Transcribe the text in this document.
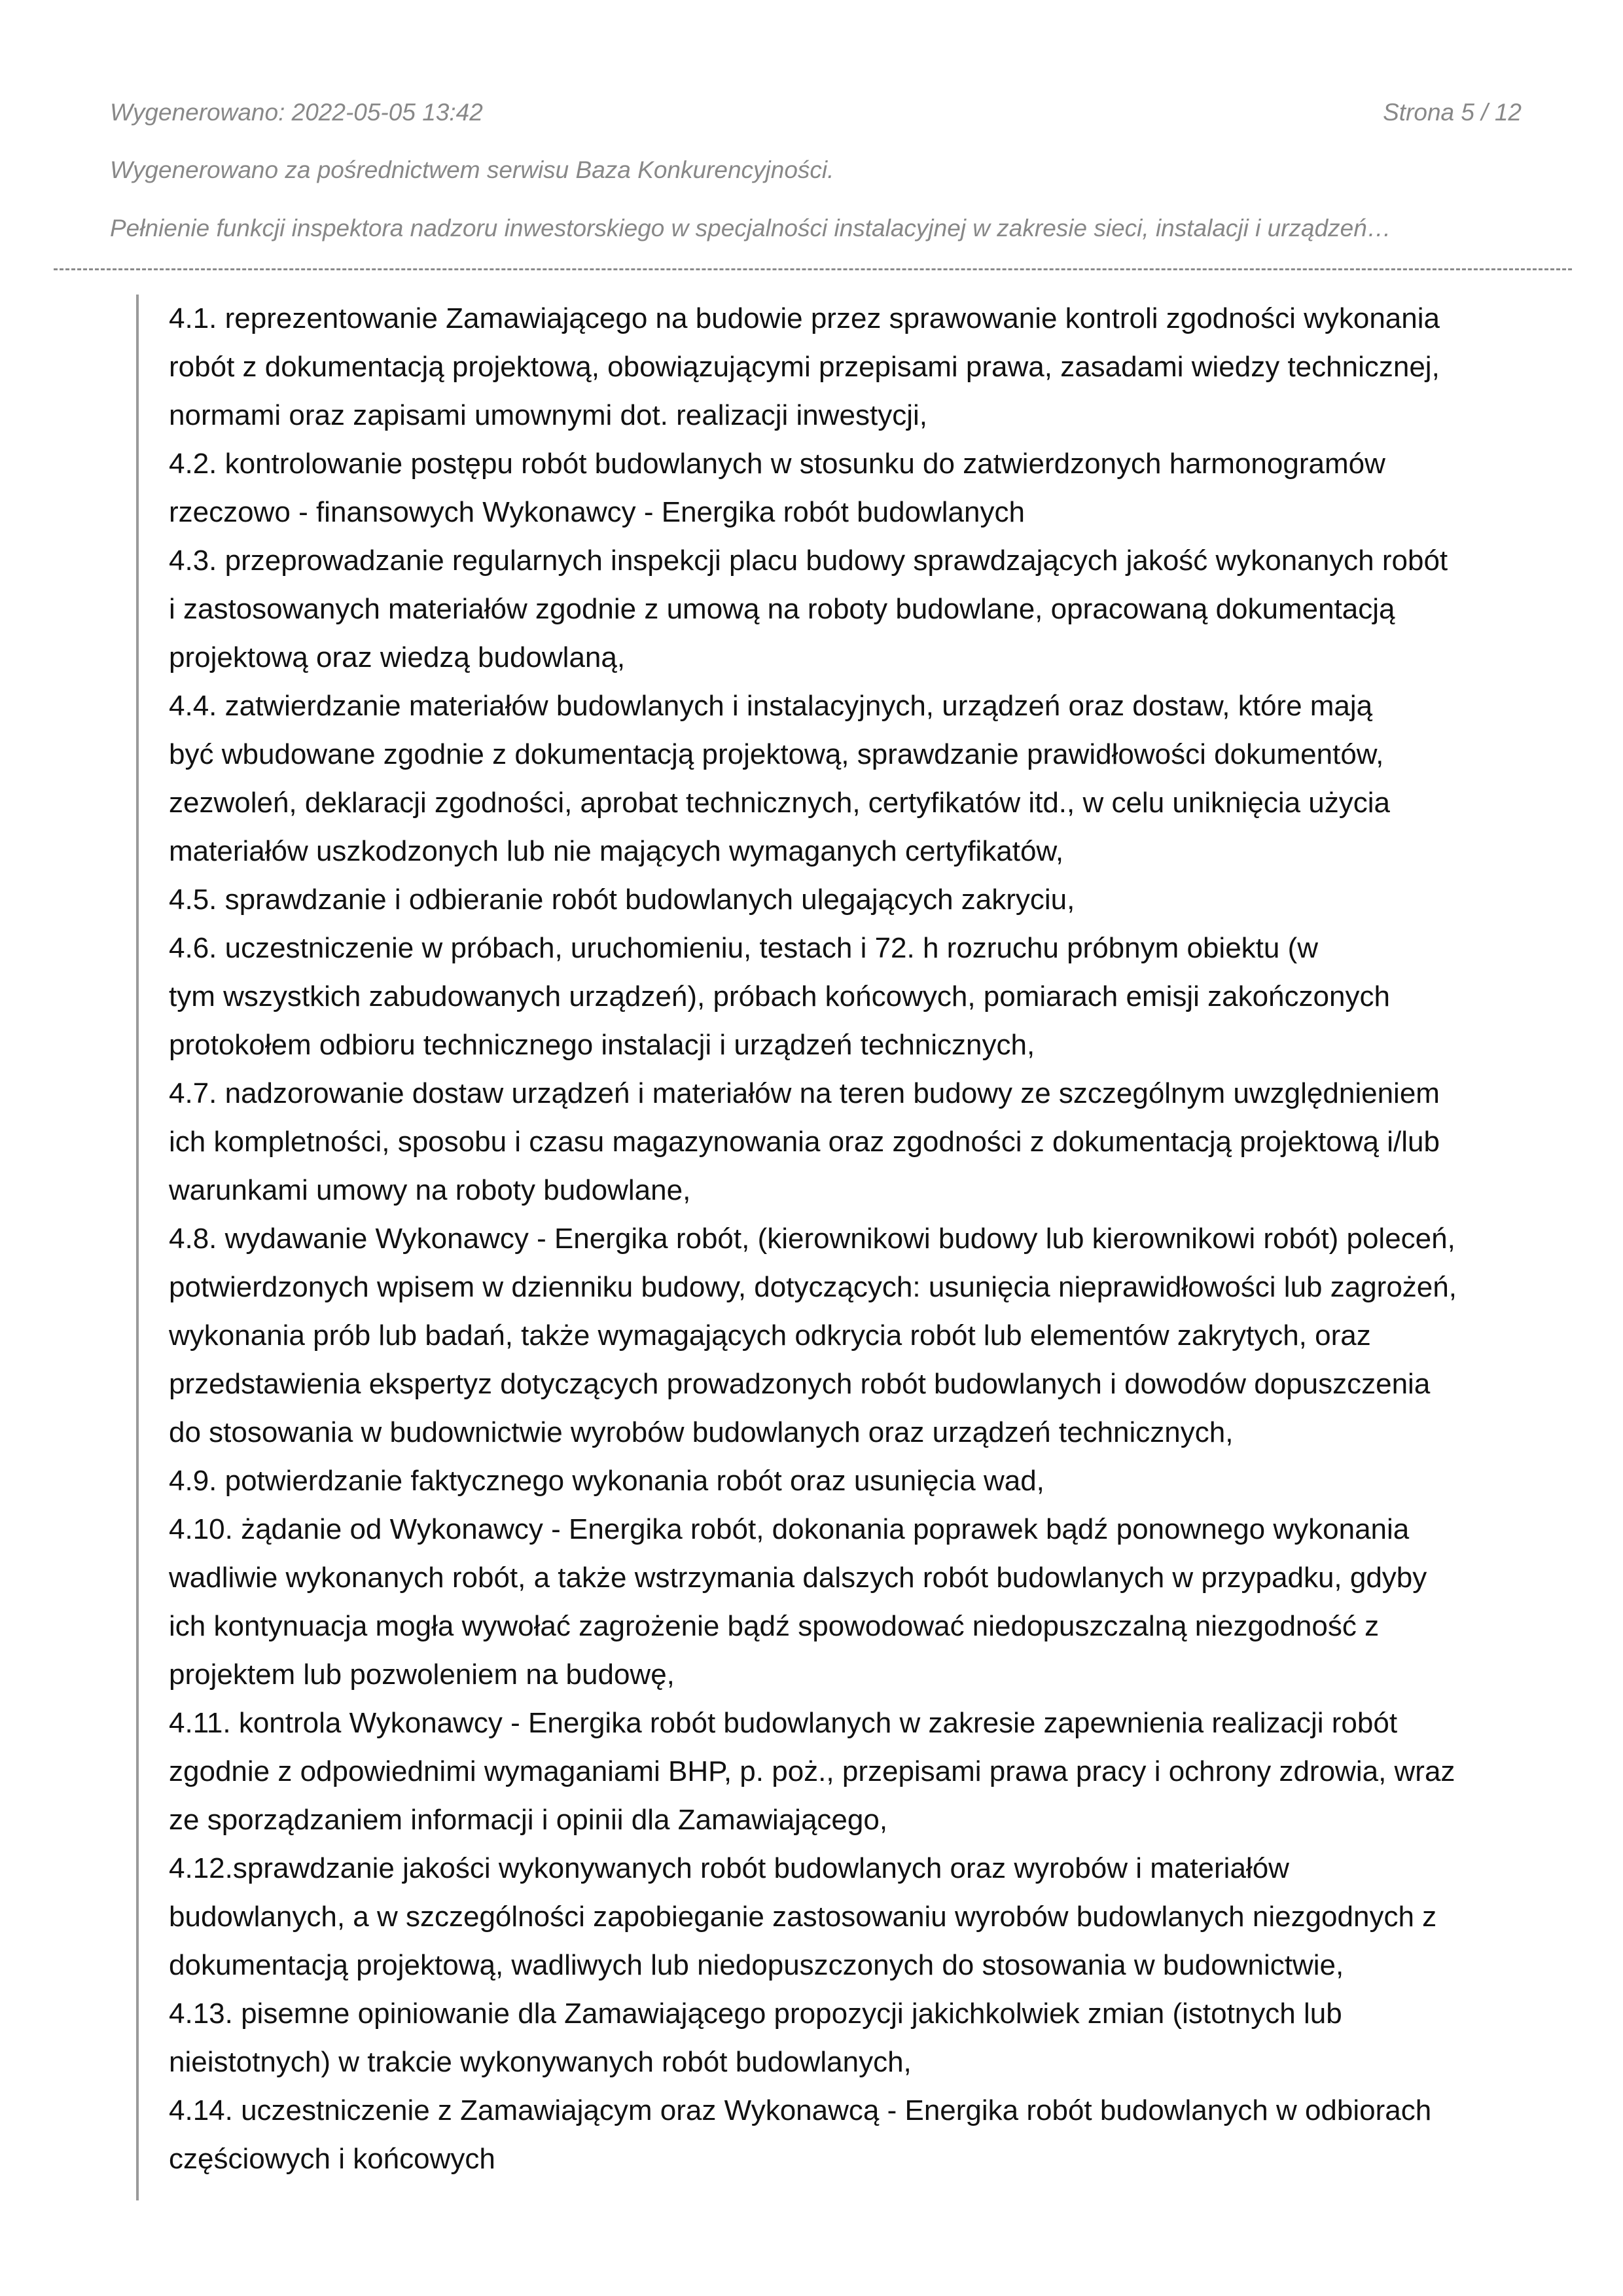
Wygenerowano: 2022-05-05 13:42	Strona 5 / 12
Wygenerowano za pośrednictwem serwisu Baza Konkurencyjności.
Pełnienie funkcji inspektora nadzoru inwestorskiego w specjalności instalacyjnej w zakresie sieci, instalacji i urządzeń…
4.1. reprezentowanie Zamawiającego na budowie przez sprawowanie kontroli zgodności wykonania
robót z dokumentacją projektową, obowiązującymi przepisami prawa, zasadami wiedzy technicznej,
normami oraz zapisami umownymi dot. realizacji inwestycji,
4.2. kontrolowanie postępu robót budowlanych w stosunku do zatwierdzonych harmonogramów
rzeczowo - finansowych Wykonawcy - Energika robót budowlanych
4.3. przeprowadzanie regularnych inspekcji placu budowy sprawdzających jakość wykonanych robót
i zastosowanych materiałów zgodnie z umową na roboty budowlane, opracowaną dokumentacją
projektową oraz wiedzą budowlaną,
4.4. zatwierdzanie materiałów budowlanych i instalacyjnych, urządzeń oraz dostaw, które mają
być wbudowane zgodnie z dokumentacją projektową, sprawdzanie prawidłowości dokumentów,
zezwoleń, deklaracji zgodności, aprobat technicznych, certyfikatów itd., w celu uniknięcia użycia
materiałów uszkodzonych lub nie mających wymaganych certyfikatów,
4.5. sprawdzanie i odbieranie robót budowlanych ulegających zakryciu,
4.6. uczestniczenie w próbach, uruchomieniu, testach i 72. h rozruchu próbnym obiektu (w
tym wszystkich zabudowanych urządzeń), próbach końcowych, pomiarach emisji zakończonych
protokołem odbioru technicznego instalacji i urządzeń technicznych,
4.7. nadzorowanie dostaw urządzeń i materiałów na teren budowy ze szczególnym uwzględnieniem
ich kompletności, sposobu i czasu magazynowania oraz zgodności z dokumentacją projektową i/lub
warunkami umowy na roboty budowlane,
4.8. wydawanie Wykonawcy - Energika robót, (kierownikowi budowy lub kierownikowi robót) poleceń,
potwierdzonych wpisem w dzienniku budowy, dotyczących: usunięcia nieprawidłowości lub zagrożeń,
wykonania prób lub badań, także wymagających odkrycia robót lub elementów zakrytych, oraz
przedstawienia ekspertyz dotyczących prowadzonych robót budowlanych i dowodów dopuszczenia
do stosowania w budownictwie wyrobów budowlanych oraz urządzeń technicznych,
4.9. potwierdzanie faktycznego wykonania robót oraz usunięcia wad,
4.10. żądanie od Wykonawcy - Energika robót, dokonania poprawek bądź ponownego wykonania
wadliwie wykonanych robót, a także wstrzymania dalszych robót budowlanych w przypadku, gdyby
ich kontynuacja mogła wywołać zagrożenie bądź spowodować niedopuszczalną niezgodność z
projektem lub pozwoleniem na budowę,
4.11. kontrola Wykonawcy - Energika robót budowlanych w zakresie zapewnienia realizacji robót
zgodnie z odpowiednimi wymaganiami BHP, p. poż., przepisami prawa pracy i ochrony zdrowia, wraz
ze sporządzaniem informacji i opinii dla Zamawiającego,
4.12.sprawdzanie jakości wykonywanych robót budowlanych oraz wyrobów i materiałów
budowlanych, a w szczególności zapobieganie zastosowaniu wyrobów budowlanych niezgodnych z
dokumentacją projektową, wadliwych lub niedopuszczonych do stosowania w budownictwie,
4.13. pisemne opiniowanie dla Zamawiającego propozycji jakichkolwiek zmian (istotnych lub
nieistotnych) w trakcie wykonywanych robót budowlanych,
4.14. uczestniczenie z Zamawiającym oraz Wykonawcą - Energika robót budowlanych w odbiorach
częściowych i końcowych
